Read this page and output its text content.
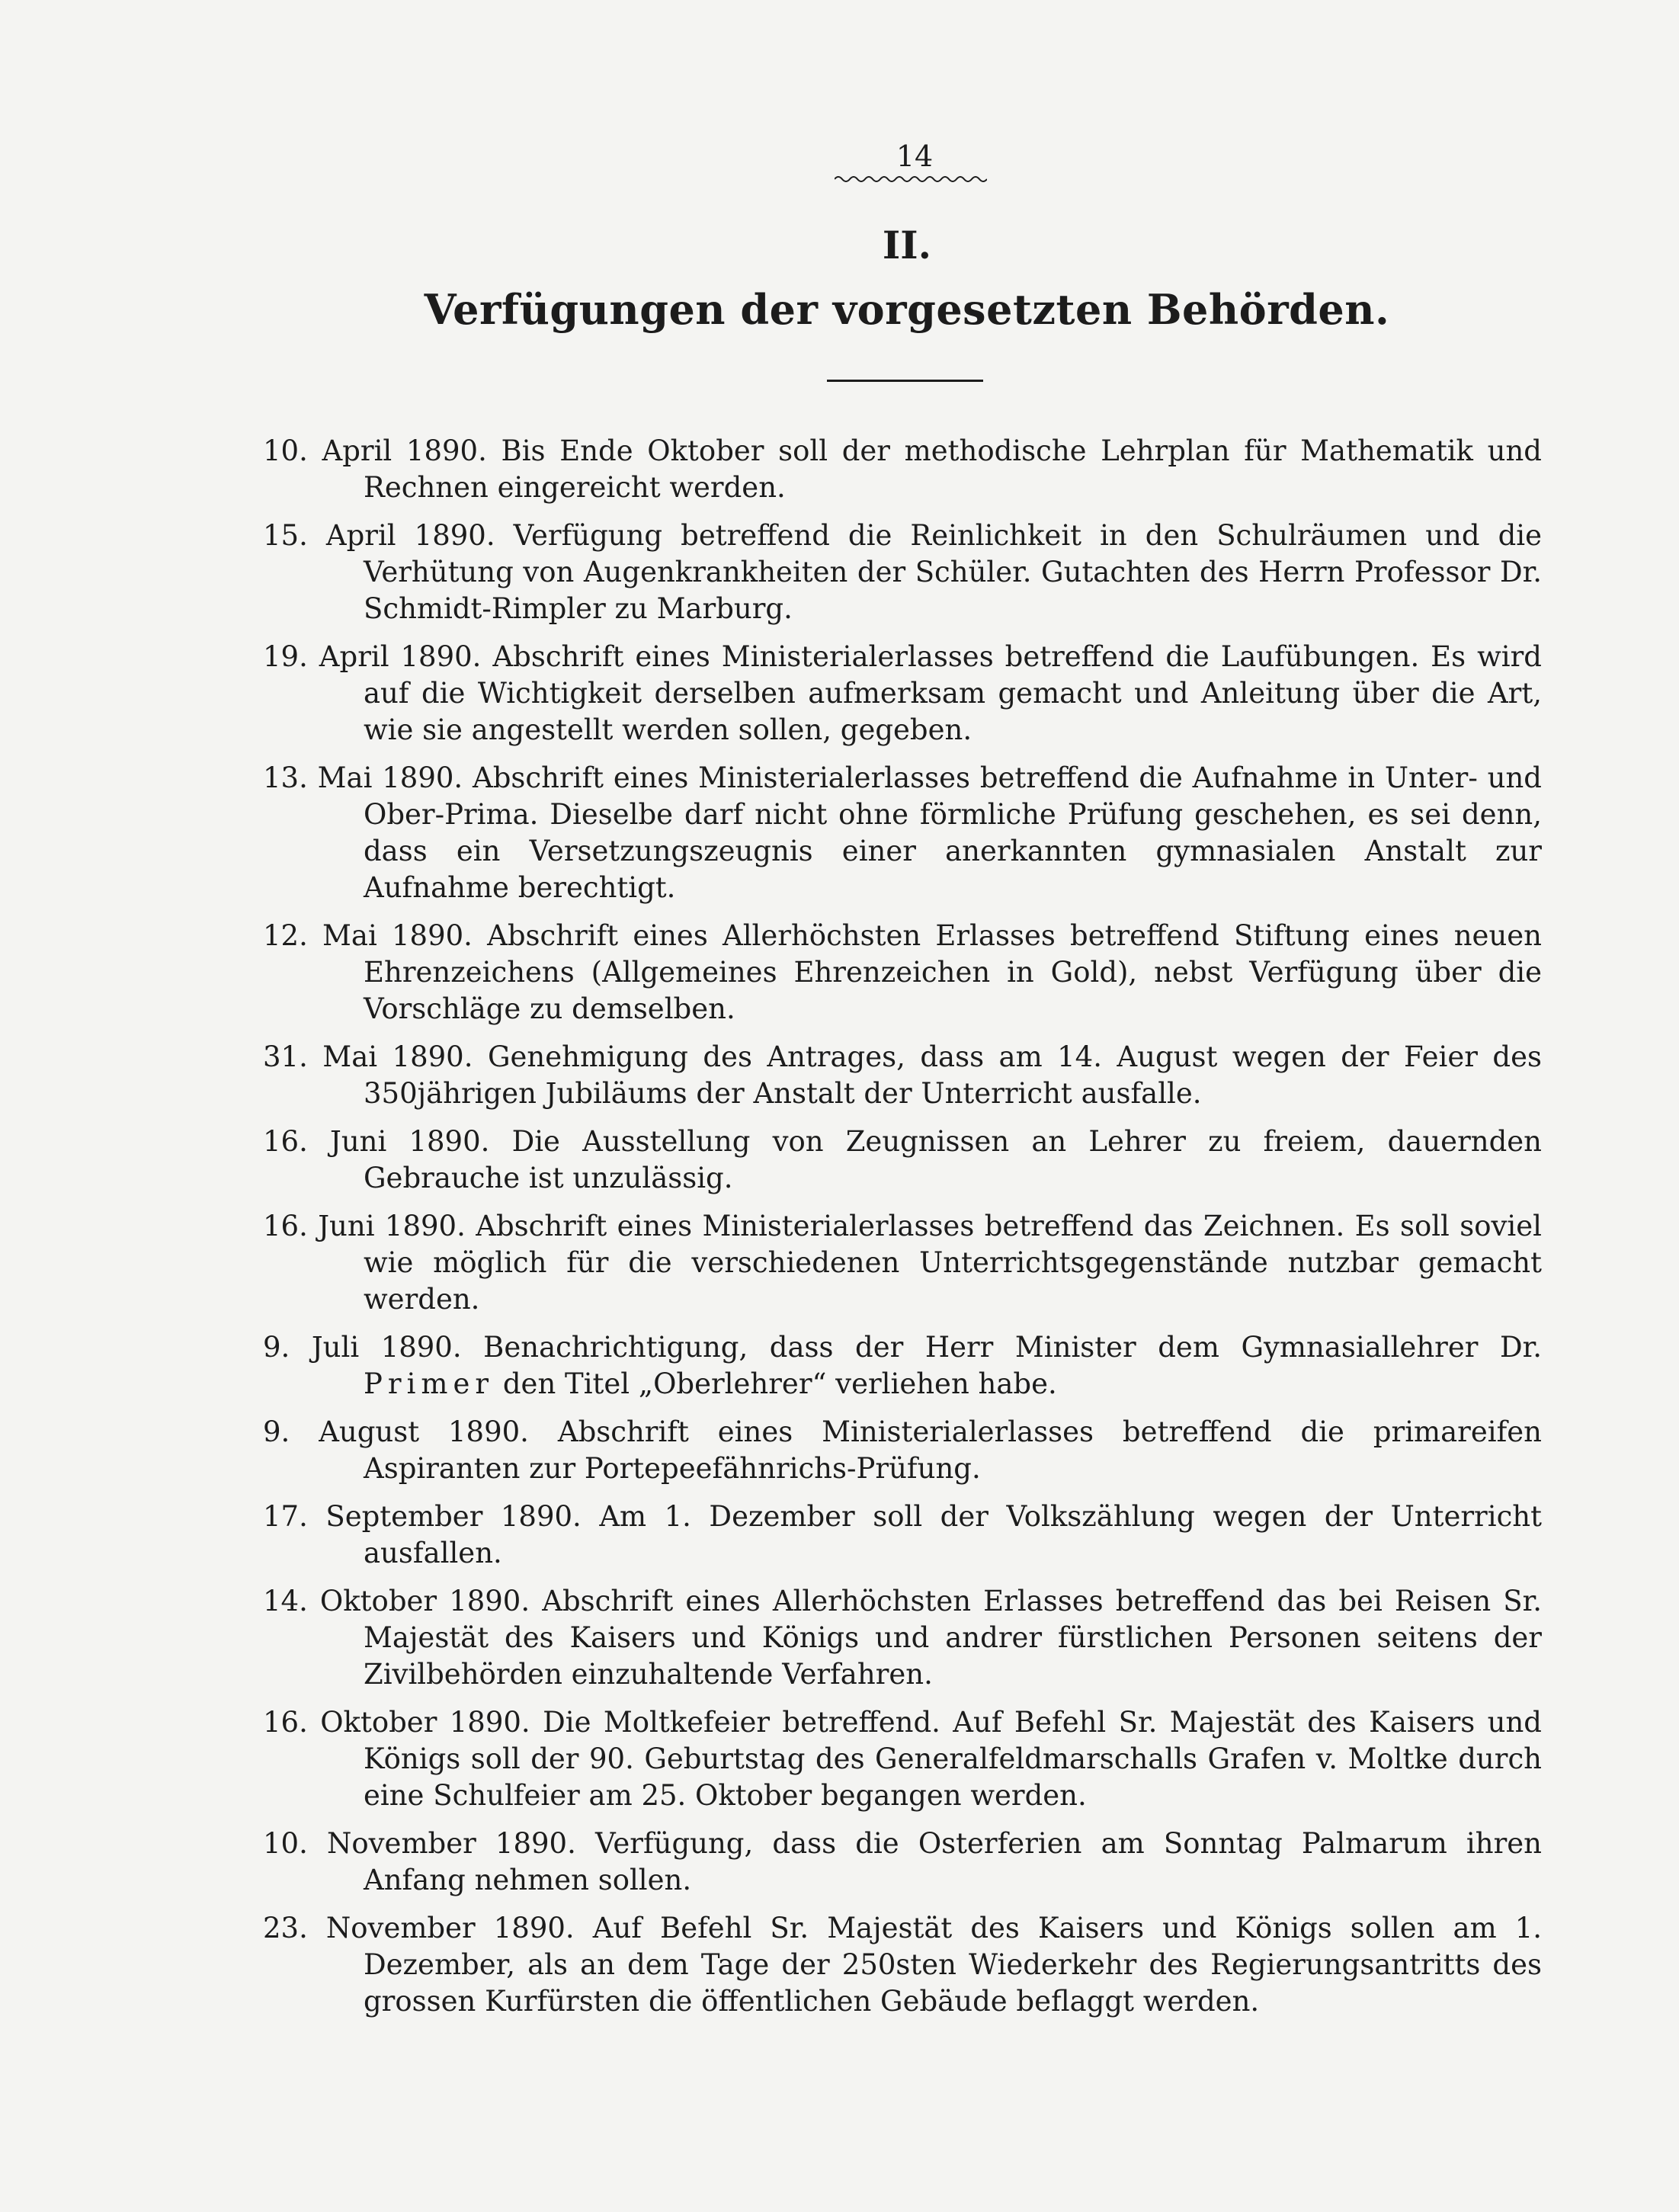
14
II.
Verfügungen der vorgesetzten Behörden.
10. April 1890. Bis Ende Oktober soll der methodische Lehrplan für Mathematik und Rechnen eingereicht werden.
15. April 1890. Verfügung betreffend die Reinlichkeit in den Schulräumen und die Verhütung von Augenkrankheiten der Schüler. Gutachten des Herrn Professor Dr. Schmidt-Rimpler zu Marburg.
19. April 1890. Abschrift eines Ministerialerlasses betreffend die Laufübungen. Es wird auf die Wichtigkeit derselben aufmerksam gemacht und Anleitung über die Art, wie sie angestellt werden sollen, gegeben.
13. Mai 1890. Abschrift eines Ministerialerlasses betreffend die Aufnahme in Unter- und Ober-Prima. Dieselbe darf nicht ohne förmliche Prüfung geschehen, es sei denn, dass ein Versetzungszeugnis einer anerkannten gymnasialen Anstalt zur Aufnahme berechtigt.
12. Mai 1890. Abschrift eines Allerhöchsten Erlasses betreffend Stiftung eines neuen Ehrenzeichens (Allgemeines Ehrenzeichen in Gold), nebst Verfügung über die Vorschläge zu demselben.
31. Mai 1890. Genehmigung des Antrages, dass am 14. August wegen der Feier des 350jährigen Jubiläums der Anstalt der Unterricht ausfalle.
16. Juni 1890. Die Ausstellung von Zeugnissen an Lehrer zu freiem, dauernden Gebrauche ist unzulässig.
16. Juni 1890. Abschrift eines Ministerialerlasses betreffend das Zeichnen. Es soll soviel wie möglich für die verschiedenen Unterrichtsgegenstände nutzbar gemacht werden.
9. Juli 1890. Benachrichtigung, dass der Herr Minister dem Gymnasiallehrer Dr. Primer den Titel „Oberlehrer“ verliehen habe.
9. August 1890. Abschrift eines Ministerialerlasses betreffend die primareifen Aspiranten zur Portepeefähnrichs-Prüfung.
17. September 1890. Am 1. Dezember soll der Volkszählung wegen der Unterricht ausfallen.
14. Oktober 1890. Abschrift eines Allerhöchsten Erlasses betreffend das bei Reisen Sr. Majestät des Kaisers und Königs und andrer fürstlichen Personen seitens der Zivilbehörden einzuhaltende Verfahren.
16. Oktober 1890. Die Moltkefeier betreffend. Auf Befehl Sr. Majestät des Kaisers und Königs soll der 90. Geburtstag des Generalfeldmarschalls Grafen v. Moltke durch eine Schulfeier am 25. Oktober begangen werden.
10. November 1890. Verfügung, dass die Osterferien am Sonntag Palmarum ihren Anfang nehmen sollen.
23. November 1890. Auf Befehl Sr. Majestät des Kaisers und Königs sollen am 1. Dezember, als an dem Tage der 250sten Wiederkehr des Regierungsantritts des grossen Kurfürsten die öffentlichen Gebäude beflaggt werden.
